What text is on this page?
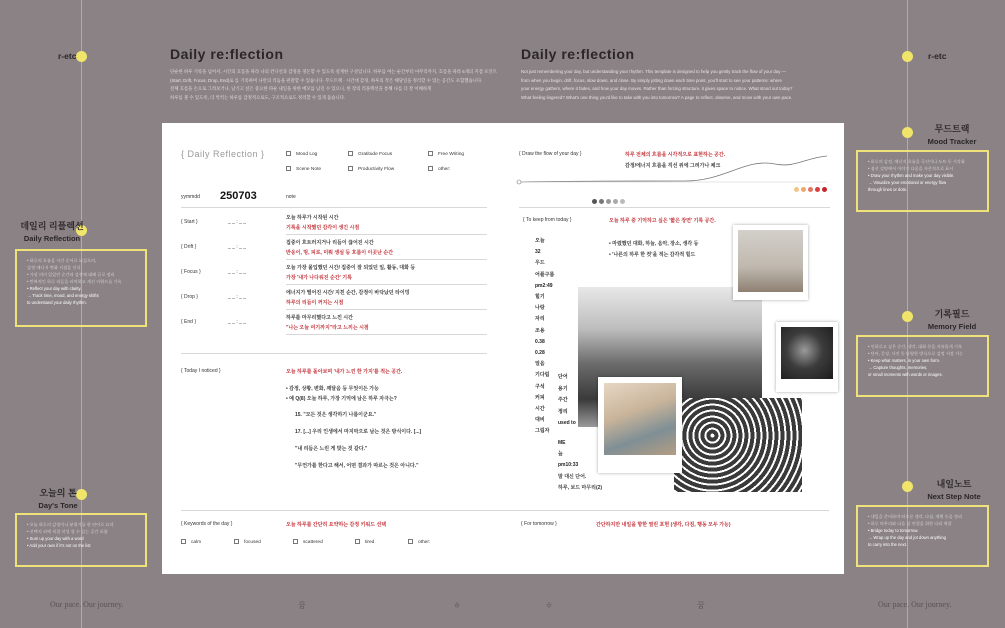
r-etc
데일리 리플렉션
Daily Reflection
• 하루의 흐름을 시간 순서로 되짚으며,
감정·에너지 변화 지점을 인식
• 가장 의미 있었던 순간과 감정에 대해 글로 정리
• 반복적인 하루 리듬을 파악하고 개선 키워드를 기록
• Reflect your day with clarity.
→ Track time, mood, and energy shifts
to understand your daily rhythm.
오늘의 톤
Day's Tone
• 오늘 하루의 감정이나 분위기를 한 단어로 요약
• 선택지 외에 직접 작성 할 수 있는 공간 포함
• Sum up your day with a word
• Add your own if it's not on the list
Our pace. Our journey.
r-etc
무드트랙
Mood Tracker
• 하루의 감정, 에너지 흐름을 곡선이나 도트 등 시각화
• 점선 설명에서 이야기 다음을 자존적으로 표시
• Draw your rhythm and make your day visible.
→ Visualize your emotional or energy flow
through lines or dots.
기록필드
Memory Field
• 인하로고 싶은 순간, 생각, 대화 등을 자유롭게 기록
• 단어, 문장, 사진 등 다양한 방식으로 감정 저장 가능
• Keep what matters, in your own form.
→ Capture thoughts, memories,
or small moments with words or images.
내일노트
Next Step Note
• 내일을 준비하며 떠오른 생각, 다짐, 계획 등을 정리
• 하루 마무리와 다음 날 연결을 위한 다리 역할
• Bridge today to tomorrow.
→ Wrap up the day and jot down anything
to carry into the next.
Our pace. Our journey.
Daily re:flection
단순한 하루 기록을 넘어서, 시간의 흐름을 따라 나의 컨디션과 감정을 정돈할 수 있도록 설계한 구성입니다. 하루를 여는 순간부터 마무리까지, 흐름을 따라 5개의 지점 포인트
(Start, Drift, Focus, Drop, End)로 를 기록하며 나만의 리듬을 관찰할 수 있습니다. 무드트랙 · 시간대 감정, 하루의 작은 해당일을 정리할 수 있는 공간도 포함했습니다.
전체 흐름을 손으로 그려보거나, 남기고 싶은 중요한 파순 내일을 위한 메모를 남길 수 있으니, 한 장의 리플렉션을 통해 나를 더 잘 이해하게
하루를 볼 수 있도록, 더 씩씩는 하루를 감정적으로도, 구조적으로도 정리할 수 있게 돕습니다.
Daily re:flection
Not just remembering your day, but understanding your rhythm. This template is designed to help you gently track the flow of your day —
from when you begin, drift, focus, slow down, and close. By simply jotting down each time point, you'll start to see your patterns: where
your energy gathers, where it fades, and how your day moves. Rather than forcing structure, it gives space to notice. What stood out today?
What feeling lingered? What's one thing you'd like to take with you into tomorrow? A page to reflect, observe, and move with your own pace.
꿈	ㅎ	ㅎ	꿈
{ Daily Reflection }	Mood Log	Gratitude Focus	Free Writing
Scene Note	Productivity Flow	other:
yymmdd 250703	note
{ Start }	_ _ : _ _
오늘 하루가 시작된 시간
기록을 시작했던 감각이 생긴 시점
{ Drift }	_ _ : _ _
집중이 흐트러지거나 리듬이 끊어진 시간
반응이, 멍, 피로, 미뤄 생실 등 흐름이 이곳난 순간
{ Focus }	_ _ : _ _
오늘 가장 몰입했던 시간/ 집중이 잘 되었던 일, 활동, 대화 등
가장 '내가 나다워진 순간' 기록
{ Drop }	_ _ : _ _
에너지가 떨어진 시간/ 지친 순간, 감정이 바닥났던 타이밍
하루의 리듬이 꺼지는 시점
{ End }	_ _ : _ _
하루를 마무리했다고 느낀 시간
"나는 오늘 여기까지"라고 느끼는 시점
{ Today I noticed }	오늘 하루를 돌아보며 '내가 느낀 한 가지'를 적는 공간.
• 감정, 상황, 변화, 깨달음 등 무엇이든 가능
• 예 Q(8) 오늘 하루, 가장 기억에 남은 하루 자극는?
15. "모든 것은 생각하기 나름이군요."
17. [...] 우리 인생에서 마지막으로 남는 것은 방식이다. [...]
"내 리듬은 느린 게 맞는 것 같다."
"무언가를 한다고 해서, 어떤 결과가 따르는 것은 아니다."
{ Draw the flow of your day }	하루 전체의 흐름을 시각적으로 표현하는 공간.
감정/에너지 흐름을 직선 위에 그려가나 체크
{ To keep from today }	오늘 하루 중 기억하고 싶은 '짧은 장면' 기록 공간.
• 마렸했던 대화, 하늘, 음악, 장소, 생각 등
• '나른의 하루 한 컷'을 적는 감각적 힐드
오늘
32
우드
어플구름
pm2:49
힐기
나랑
자리
조용
0.38
0.28
얼음
기다림
구석
커피
시간
대비
그림자
ME
늪
pm10:33
단어
용기
주간
정리
used to
말 대신 단어.
하루, 보드 마무리(2)
{ Keywords of the day }	오늘 하루를 간단히 요약하는 감정 키워드 선택
calm	focused	scattered	tired	other:
{ For tomorrow }	간단하지만 내일을 향한 열린 포현 (생각, 다짐, 행동 모두 가능)
